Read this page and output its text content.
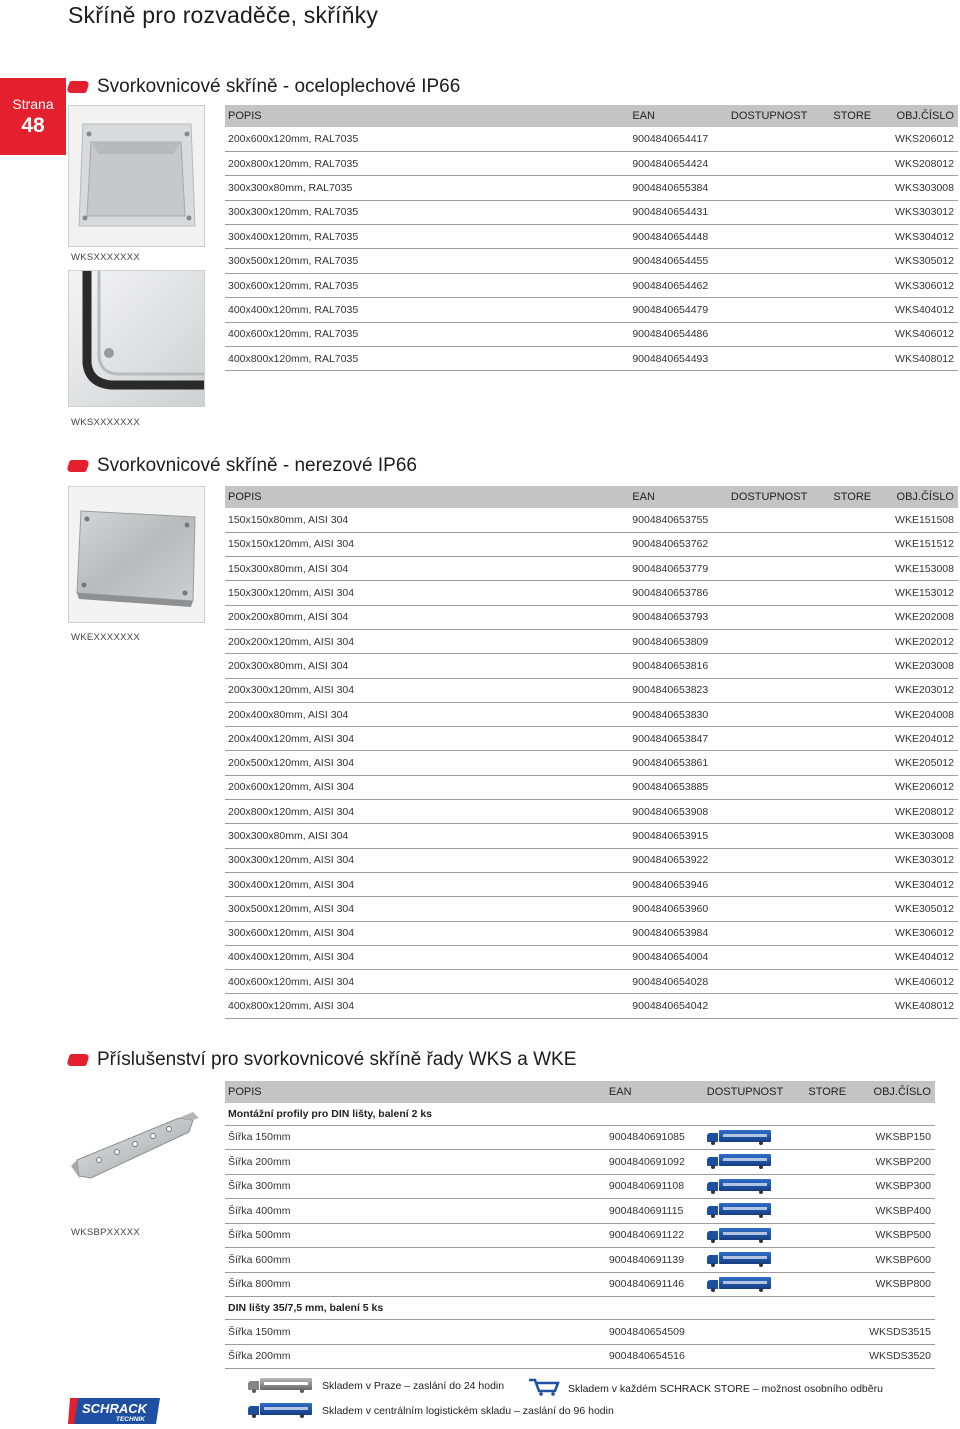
Skříně pro rozvaděče, skříňky
Strana
48
Svorkovnicové skříně - oceloplechové IP66
WKSXXXXXXX
WKSXXXXXXX
POPIS	EAN	DOSTUPNOST	STORE	OBJ.ČÍSLO
200x600x120mm, RAL7035	9004840654417			WKS206012
200x800x120mm, RAL7035	9004840654424			WKS208012
300x300x80mm, RAL7035	9004840655384			WKS303008
300x300x120mm, RAL7035	9004840654431			WKS303012
300x400x120mm, RAL7035	9004840654448			WKS304012
300x500x120mm, RAL7035	9004840654455			WKS305012
300x600x120mm, RAL7035	9004840654462			WKS306012
400x400x120mm, RAL7035	9004840654479			WKS404012
400x600x120mm, RAL7035	9004840654486			WKS406012
400x800x120mm, RAL7035	9004840654493			WKS408012
Svorkovnicové skříně - nerezové IP66
WKEXXXXXXX
POPIS	EAN	DOSTUPNOST	STORE	OBJ.ČÍSLO
150x150x80mm, AISI 304	9004840653755			WKE151508
150x150x120mm, AISI 304	9004840653762			WKE151512
150x300x80mm, AISI 304	9004840653779			WKE153008
150x300x120mm, AISI 304	9004840653786			WKE153012
200x200x80mm, AISI 304	9004840653793			WKE202008
200x200x120mm, AISI 304	9004840653809			WKE202012
200x300x80mm, AISI 304	9004840653816			WKE203008
200x300x120mm, AISI 304	9004840653823			WKE203012
200x400x80mm, AISI 304	9004840653830			WKE204008
200x400x120mm, AISI 304	9004840653847			WKE204012
200x500x120mm, AISI 304	9004840653861			WKE205012
200x600x120mm, AISI 304	9004840653885			WKE206012
200x800x120mm, AISI 304	9004840653908			WKE208012
300x300x80mm, AISI 304	9004840653915			WKE303008
300x300x120mm, AISI 304	9004840653922			WKE303012
300x400x120mm, AISI 304	9004840653946			WKE304012
300x500x120mm, AISI 304	9004840653960			WKE305012
300x600x120mm, AISI 304	9004840653984			WKE306012
400x400x120mm, AISI 304	9004840654004			WKE404012
400x600x120mm, AISI 304	9004840654028			WKE406012
400x800x120mm, AISI 304	9004840654042			WKE408012
Příslušenství pro svorkovnicové skříně řady WKS a WKE
WKSBPXXXXX
POPIS	EAN	DOSTUPNOST	STORE	OBJ.ČÍSLO
Montážní profily pro DIN lišty, balení 2 ks				
Šířka 150mm	9004840691085			WKSBP150
Šířka 200mm	9004840691092			WKSBP200
Šířka 300mm	9004840691108			WKSBP300
Šířka 400mm	9004840691115			WKSBP400
Šířka 500mm	9004840691122			WKSBP500
Šířka 600mm	9004840691139			WKSBP600
Šířka 800mm	9004840691146			WKSBP800
DIN lišty 35/7,5 mm, balení 5 ks				
Šířka 150mm	9004840654509			WKSDS3515
Šířka 200mm	9004840654516			WKSDS3520
Skladem v Praze – zaslání do 24 hodin	Skladem v každém SCHRACK STORE – možnost osobního odběru
Skladem v centrálním logistickém skladu – zaslání do 96 hodin
SCHRACK
TECHNIK
